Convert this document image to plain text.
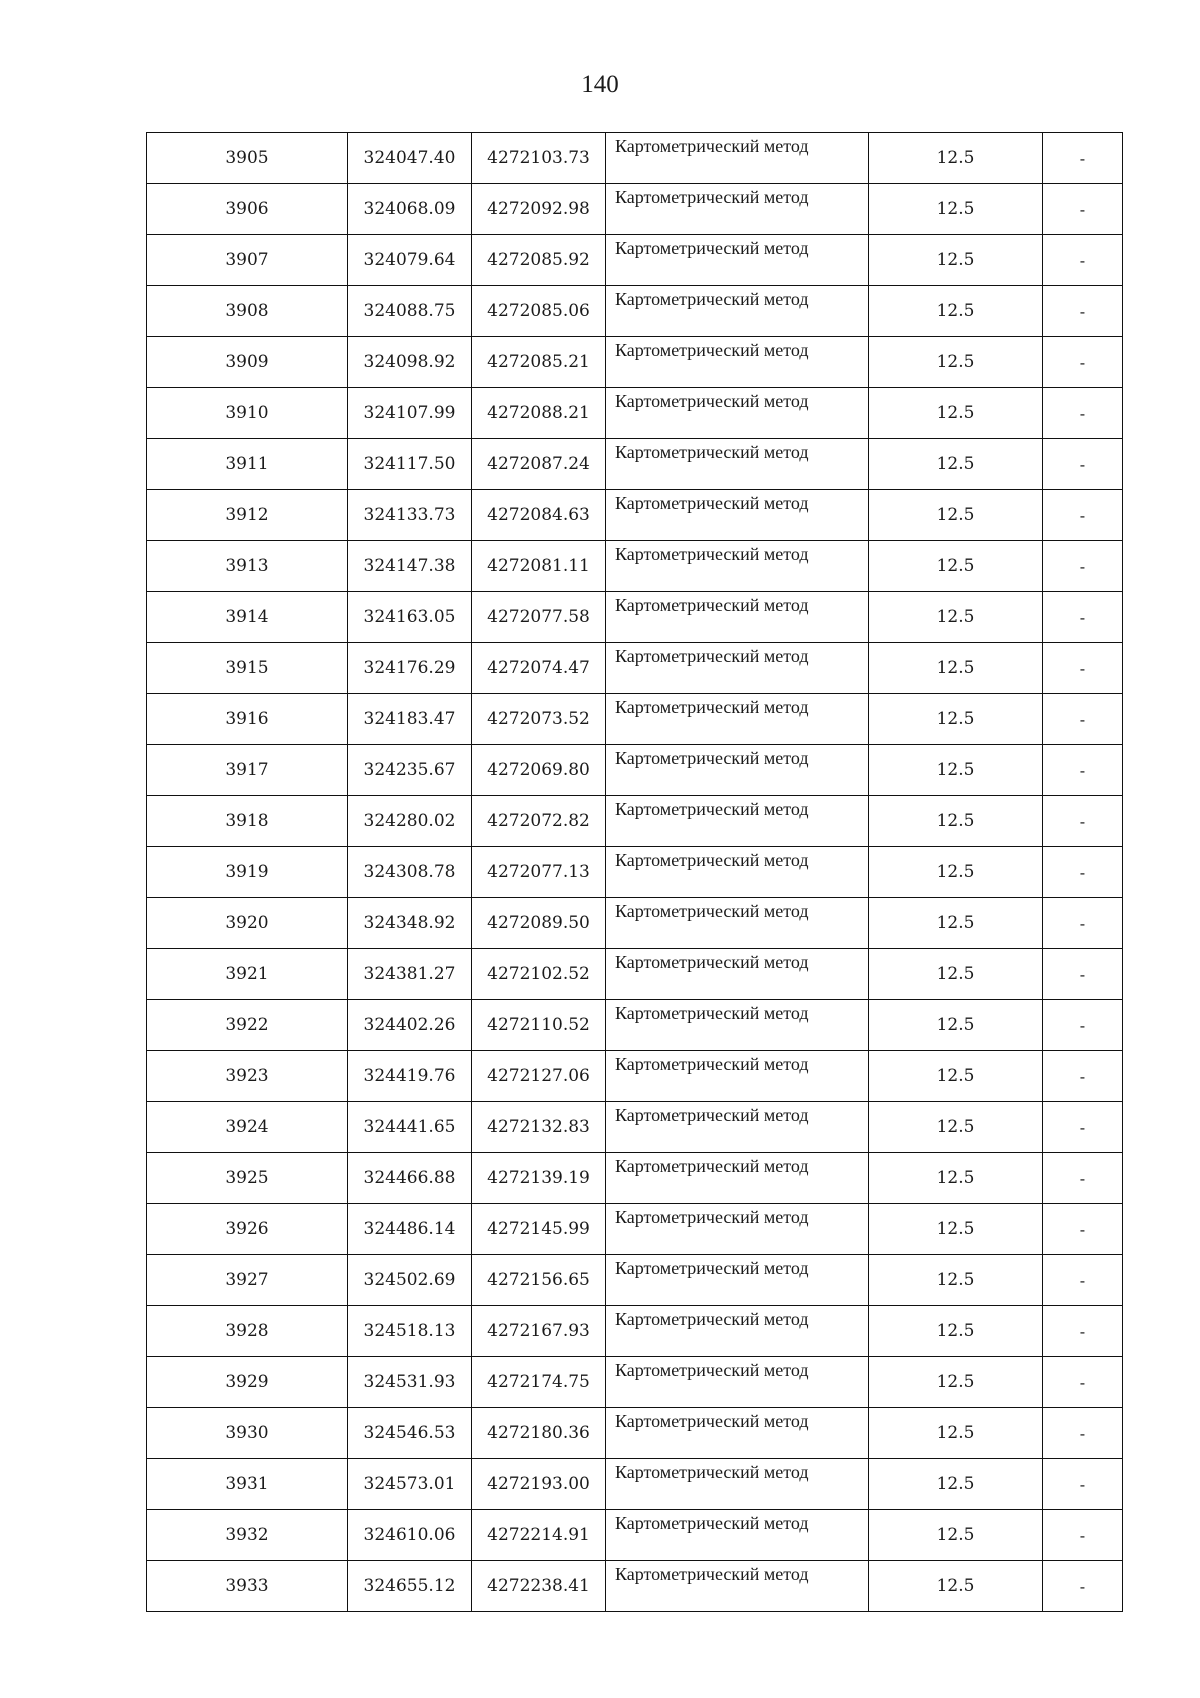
140
3905	324047.40	4272103.73	Картометрический метод	12.5	-
3906	324068.09	4272092.98	Картометрический метод	12.5	-
3907	324079.64	4272085.92	Картометрический метод	12.5	-
3908	324088.75	4272085.06	Картометрический метод	12.5	-
3909	324098.92	4272085.21	Картометрический метод	12.5	-
3910	324107.99	4272088.21	Картометрический метод	12.5	-
3911	324117.50	4272087.24	Картометрический метод	12.5	-
3912	324133.73	4272084.63	Картометрический метод	12.5	-
3913	324147.38	4272081.11	Картометрический метод	12.5	-
3914	324163.05	4272077.58	Картометрический метод	12.5	-
3915	324176.29	4272074.47	Картометрический метод	12.5	-
3916	324183.47	4272073.52	Картометрический метод	12.5	-
3917	324235.67	4272069.80	Картометрический метод	12.5	-
3918	324280.02	4272072.82	Картометрический метод	12.5	-
3919	324308.78	4272077.13	Картометрический метод	12.5	-
3920	324348.92	4272089.50	Картометрический метод	12.5	-
3921	324381.27	4272102.52	Картометрический метод	12.5	-
3922	324402.26	4272110.52	Картометрический метод	12.5	-
3923	324419.76	4272127.06	Картометрический метод	12.5	-
3924	324441.65	4272132.83	Картометрический метод	12.5	-
3925	324466.88	4272139.19	Картометрический метод	12.5	-
3926	324486.14	4272145.99	Картометрический метод	12.5	-
3927	324502.69	4272156.65	Картометрический метод	12.5	-
3928	324518.13	4272167.93	Картометрический метод	12.5	-
3929	324531.93	4272174.75	Картометрический метод	12.5	-
3930	324546.53	4272180.36	Картометрический метод	12.5	-
3931	324573.01	4272193.00	Картометрический метод	12.5	-
3932	324610.06	4272214.91	Картометрический метод	12.5	-
3933	324655.12	4272238.41	Картометрический метод	12.5	-
